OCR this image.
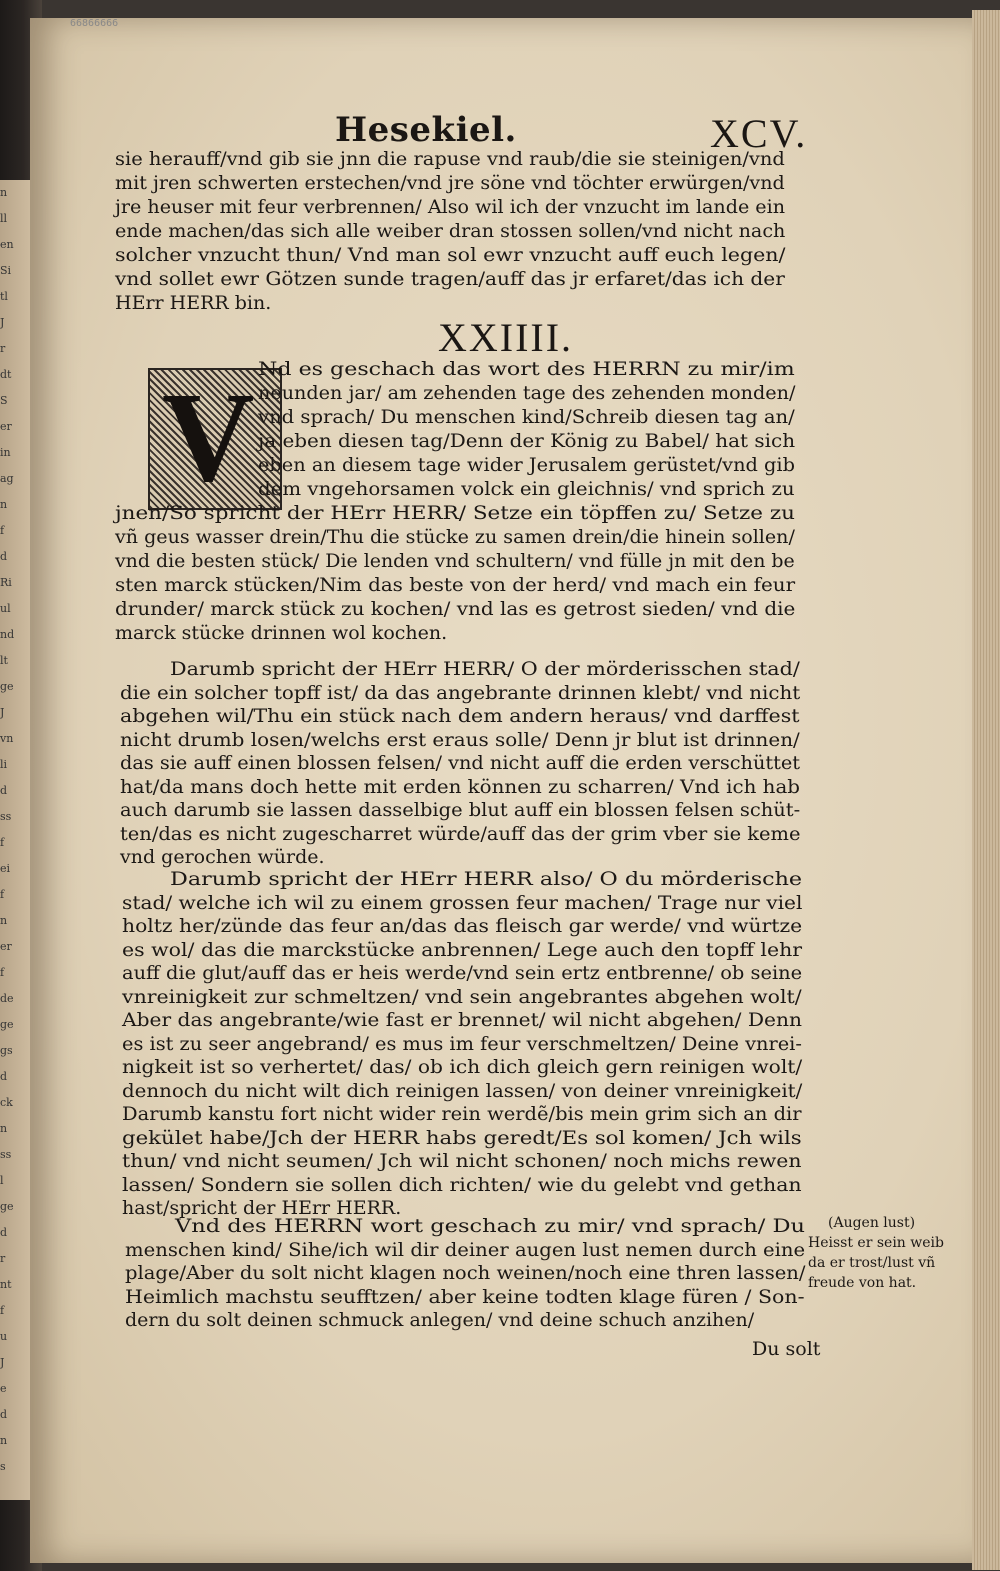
n

ll

en

Si

tl

J

r

dt

S

er

in

ag

n

f

d

Ri

ul

nd

lt

ge

J

vn

li

d

ss

f

ei

f

n

er

f

de

ge

gs

d

ck

n

ss

l

ge

d

r

nt

f

u

J

e

d

n

s

66866666
Hesekiel.	XCV.
sie herauff/vnd gib sie jnn die rapuse vnd raub/die sie steinigen/vnd
mit jren schwerten erstechen/vnd jre söne vnd töchter erwürgen/vnd
jre heuser mit feur verbrennen/ Also wil ich der vnzucht im lande ein
ende machen/das sich alle weiber dran stossen sollen/vnd nicht nach
solcher vnzucht thun/ Vnd man sol ewr vnzucht auff euch legen/
vnd sollet ewr Götzen sunde tragen/auff das jr erfaret/das ich der
HErr HERR bin.
XXIIII.
V Nd es geschach das wort des HERRN zu mir/im
neunden jar/ am zehenden tage des zehenden monden/
vnd sprach/ Du menschen kind/Schreib diesen tag an/
ja eben diesen tag/Denn der König zu Babel/ hat sich
eben an diesem tage wider Jerusalem gerüstet/vnd gib
dem vngehorsamen volck ein gleichnis/ vnd sprich zu
jnen/So spricht der HErr HERR/ Setze ein töpffen zu/ Setze zu
vñ geus wasser drein/Thu die stücke zu samen drein/die hinein sollen/
vnd die besten stück/ Die lenden vnd schultern/ vnd fülle jn mit den be
sten marck stücken/Nim das beste von der herd/ vnd mach ein feur
drunder/ marck stück zu kochen/ vnd las es getrost sieden/ vnd die
marck stücke drinnen wol kochen.
Darumb spricht der HErr HERR/ O der mörderisschen stad/
die ein solcher topff ist/ da das angebrante drinnen klebt/ vnd nicht
abgehen wil/Thu ein stück nach dem andern heraus/ vnd darffest
nicht drumb losen/welchs erst eraus solle/ Denn jr blut ist drinnen/
das sie auff einen blossen felsen/ vnd nicht auff die erden verschüttet
hat/da mans doch hette mit erden können zu scharren/ Vnd ich hab
auch darumb sie lassen dasselbige blut auff ein blossen felsen schüt-
ten/das es nicht zugescharret würde/auff das der grim vber sie keme
vnd gerochen würde.
Darumb spricht der HErr HERR also/ O du mörderische
stad/ welche ich wil zu einem grossen feur machen/ Trage nur viel
holtz her/zünde das feur an/das das fleisch gar werde/ vnd würtze
es wol/ das die marckstücke anbrennen/ Lege auch den topff lehr
auff die glut/auff das er heis werde/vnd sein ertz entbrenne/ ob seine
vnreinigkeit zur schmeltzen/ vnd sein angebrantes abgehen wolt/
Aber das angebrante/wie fast er brennet/ wil nicht abgehen/ Denn
es ist zu seer angebrand/ es mus im feur verschmeltzen/ Deine vnrei-
nigkeit ist so verhertet/ das/ ob ich dich gleich gern reinigen wolt/
dennoch du nicht wilt dich reinigen lassen/ von deiner vnreinigkeit/
Darumb kanstu fort nicht wider rein werdẽ/bis mein grim sich an dir
gekület habe/Jch der HERR habs geredt/Es sol komen/ Jch wils
thun/ vnd nicht seumen/ Jch wil nicht schonen/ noch michs rewen
lassen/ Sondern sie sollen dich richten/ wie du gelebt vnd gethan
hast/spricht der HErr HERR.
Vnd des HERRN wort geschach zu mir/ vnd sprach/ Du
menschen kind/ Sihe/ich wil dir deiner augen lust nemen durch eine
plage/Aber du solt nicht klagen noch weinen/noch eine thren lassen/
Heimlich machstu seufftzen/ aber keine todten klage füren / Son-
dern du solt deinen schmuck anlegen/ vnd deine schuch anzihen/
(Augen lust)
Heisst er sein weib
da er trost/lust vñ
freude von hat.
Du solt
